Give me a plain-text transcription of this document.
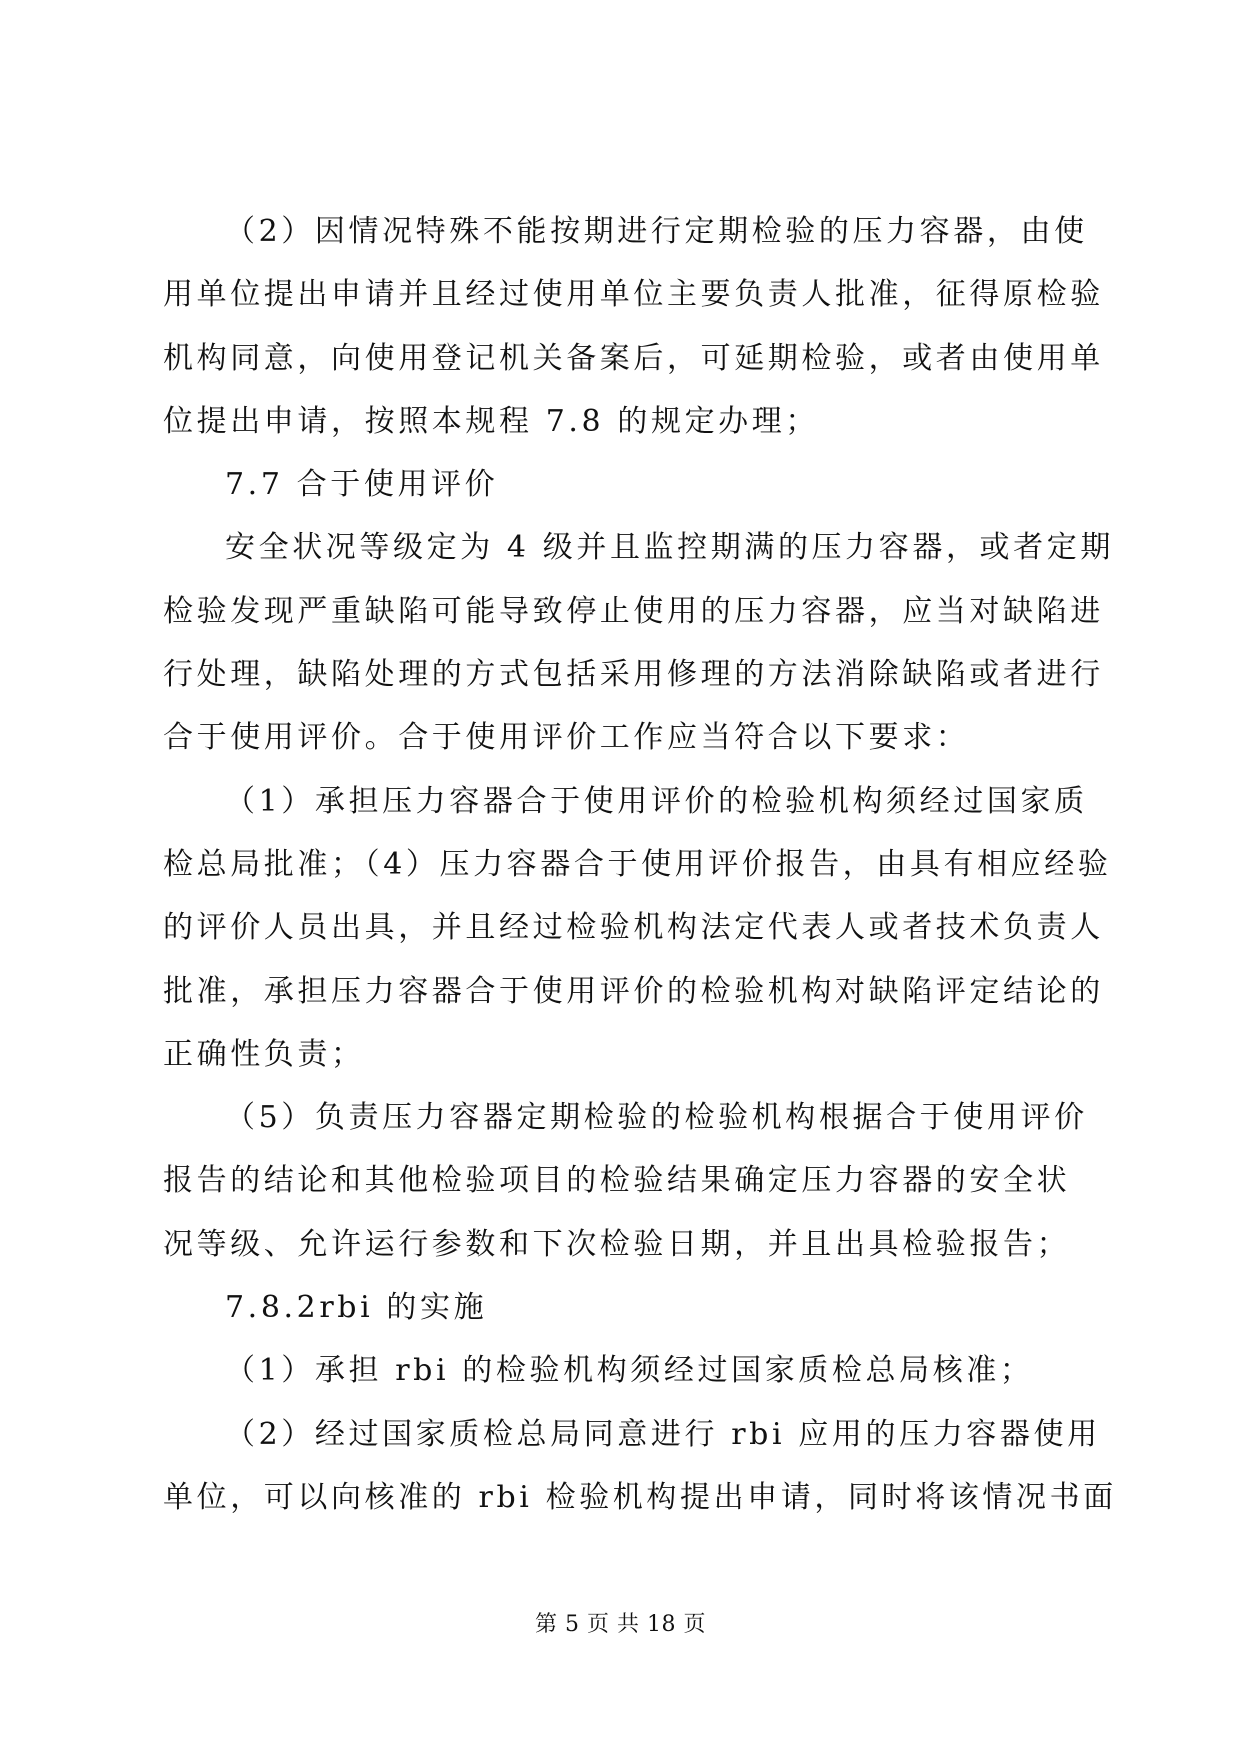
（2）因情况特殊不能按期进行定期检验的压力容器，由使
用单位提出申请并且经过使用单位主要负责人批准，征得原检验
机构同意，向使用登记机关备案后，可延期检验，或者由使用单
位提出申请，按照本规程 7.8 的规定办理；
7.7 合于使用评价
安全状况等级定为 4 级并且监控期满的压力容器，或者定期
检验发现严重缺陷可能导致停止使用的压力容器，应当对缺陷进
行处理，缺陷处理的方式包括采用修理的方法消除缺陷或者进行
合于使用评价。合于使用评价工作应当符合以下要求：
（1）承担压力容器合于使用评价的检验机构须经过国家质
检总局批准；（4）压力容器合于使用评价报告，由具有相应经验
的评价人员出具，并且经过检验机构法定代表人或者技术负责人
批准，承担压力容器合于使用评价的检验机构对缺陷评定结论的
正确性负责；
（5）负责压力容器定期检验的检验机构根据合于使用评价
报告的结论和其他检验项目的检验结果确定压力容器的安全状
况等级、允许运行参数和下次检验日期，并且出具检验报告；
7.8.2rbi 的实施
（1）承担 rbi 的检验机构须经过国家质检总局核准；
（2）经过国家质检总局同意进行 rbi 应用的压力容器使用
单位，可以向核准的 rbi 检验机构提出申请，同时将该情况书面
第 5 页 共 18 页
